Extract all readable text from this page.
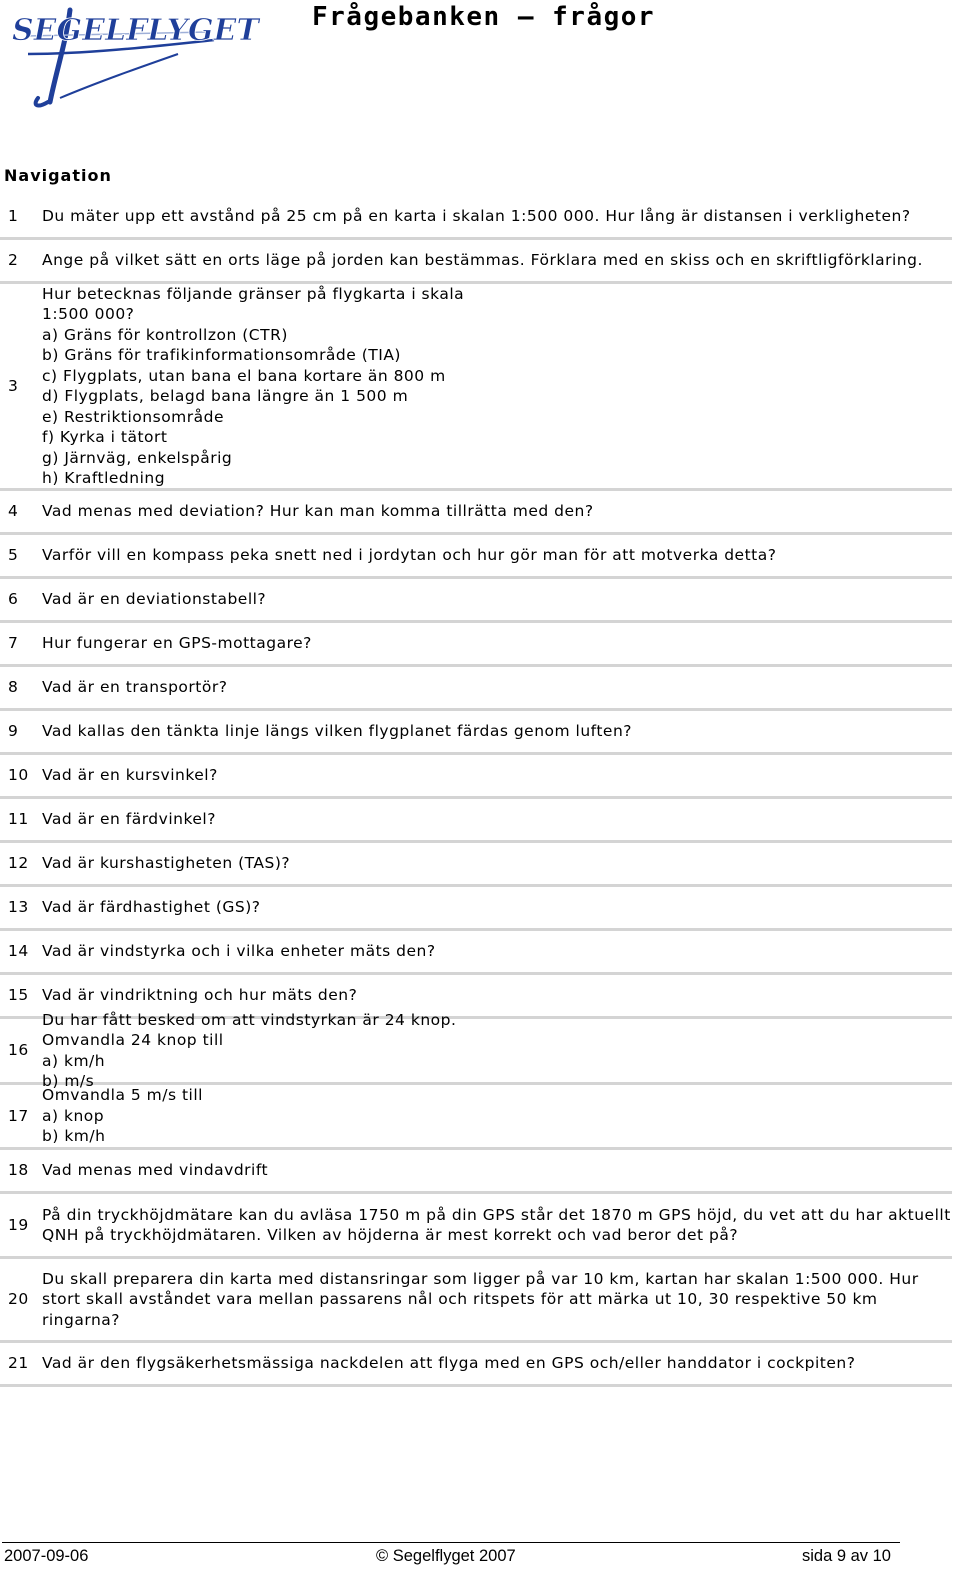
SEGELFLYGET Frågebanken – frågor
Navigation
1	Du mäter upp ett avstånd på 25 cm på en karta i skalan 1:500 000. Hur lång är distansen i verkligheten?
2	Ange på vilket sätt en orts läge på jorden kan bestämmas. Förklara med en skiss och en skriftligförklaring.
3
Hur betecknas följande gränser på flygkarta i skala
1:500 000?
a) Gräns för kontrollzon (CTR)
b) Gräns för trafikinformationsområde (TIA)
c) Flygplats, utan bana el bana kortare än 800 m
d) Flygplats, belagd bana längre än 1 500 m
e) Restriktionsområde
f) Kyrka i tätort
g) Järnväg, enkelspårig
h) Kraftledning
4	Vad menas med deviation? Hur kan man komma tillrätta med den?
5	Varför vill en kompass peka snett ned i jordytan och hur gör man för att motverka detta?
6	Vad är en deviationstabell?
7	Hur fungerar en GPS-mottagare?
8	Vad är en transportör?
9	Vad kallas den tänkta linje längs vilken flygplanet färdas genom luften?
10 Vad är en kursvinkel?
11 Vad är en färdvinkel?
12 Vad är kurshastigheten (TAS)?
13 Vad är färdhastighet (GS)?
14 Vad är vindstyrka och i vilka enheter mäts den?
15 Vad är vindriktning och hur mäts den?
16
Du har fått besked om att vindstyrkan är 24 knop.
Omvandla 24 knop till
a) km/h
b) m/s
17
Omvandla 5 m/s till
a) knop
b) km/h
18 Vad menas med vindavdrift
19
På din tryckhöjdmätare kan du avläsa 1750 m på din GPS står det 1870 m GPS höjd, du vet att du har aktuellt QNH på tryckhöjdmätaren. Vilken av höjderna är mest korrekt och vad beror det på?
20
Du skall preparera din karta med distansringar som ligger på var 10 km, kartan har skalan 1:500 000. Hur stort skall avståndet vara mellan passarens nål och ritspets för att märka ut 10, 30 respektive 50 km ringarna?
21 Vad är den flygsäkerhetsmässiga nackdelen att flyga med en GPS och/eller handdator i cockpiten?
2007-09-06	© Segelflyget 2007	sida 9 av 10
